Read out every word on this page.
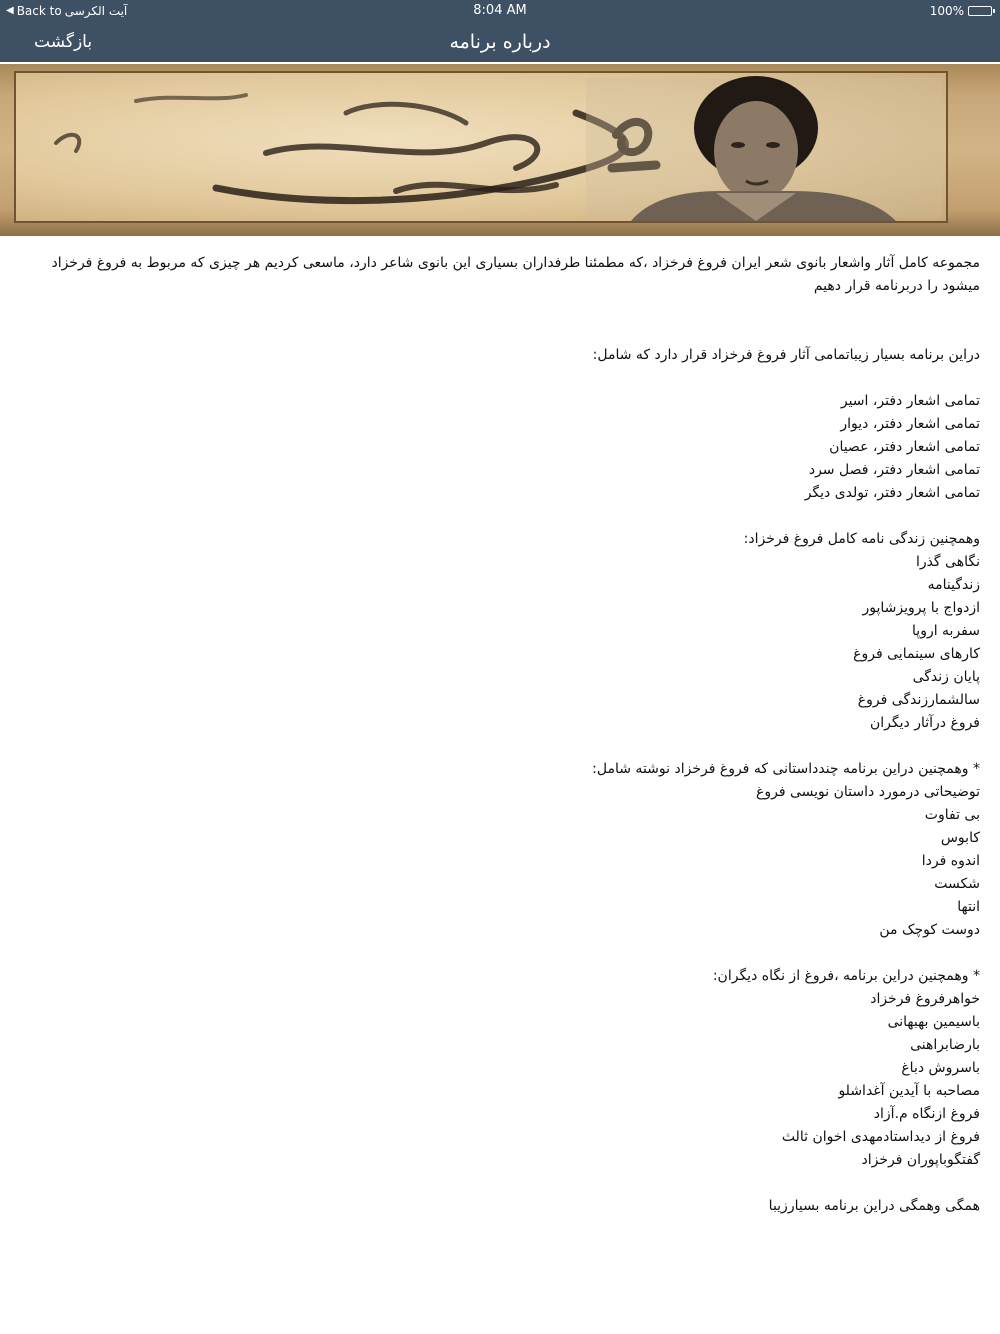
◀ Back to آیت الکرسی	8:04 AM	100%
درباره برنامه
بازگشت

مجموعه کامل آثار واشعار بانوی شعر ایران فروغ فرخزاد ،که مطمئنا طرفداران بسیاری این بانوی شاعر دارد، ماسعی کردیم هر چیزی که مربوط به فروغ فرخزاد میشود را دربرنامه قرار دهیم

دراین برنامه بسیار زیباتمامی آثار فروغ فرخزاد قرار دارد که شامل:
تمامی اشعار دفتر، اسیر
تمامی اشعار دفتر، دیوار
تمامی اشعار دفتر، عصیان
تمامی اشعار دفتر، فصل سرد
تمامی اشعار دفتر، تولدی دیگر
وهمچنین زندگی نامه کامل فروغ فرخزاد:
نگاهی گذرا
زندگینامه
ازدواج با پرویزشاپور
سفربه اروپا
کارهای سینمایی فروغ
پایان زندگی
سالشمارزندگی فروغ
فروغ درآثار دیگران
* وهمچنین دراین برنامه چندداستانی که فروغ فرخزاد نوشته شامل:
توضیحاتی درمورد داستان نویسی فروغ
بی تفاوت
کابوس
اندوه فردا
شکست
انتها
دوست کوچک من
* وهمچنین دراین برنامه ،فروغ از نگاه دیگران:
خواهرفروغ فرخزاد
باسیمین بهبهانی
بارضابراهنی
باسروش دباغ
مصاحبه با آیدین آغداشلو
فروغ ازنگاه م.آزاد
فروغ از دیداستادمهدی اخوان ثالث
گفتگوباپوران فرخزاد
همگی وهمگی دراین برنامه بسیارزیبا
